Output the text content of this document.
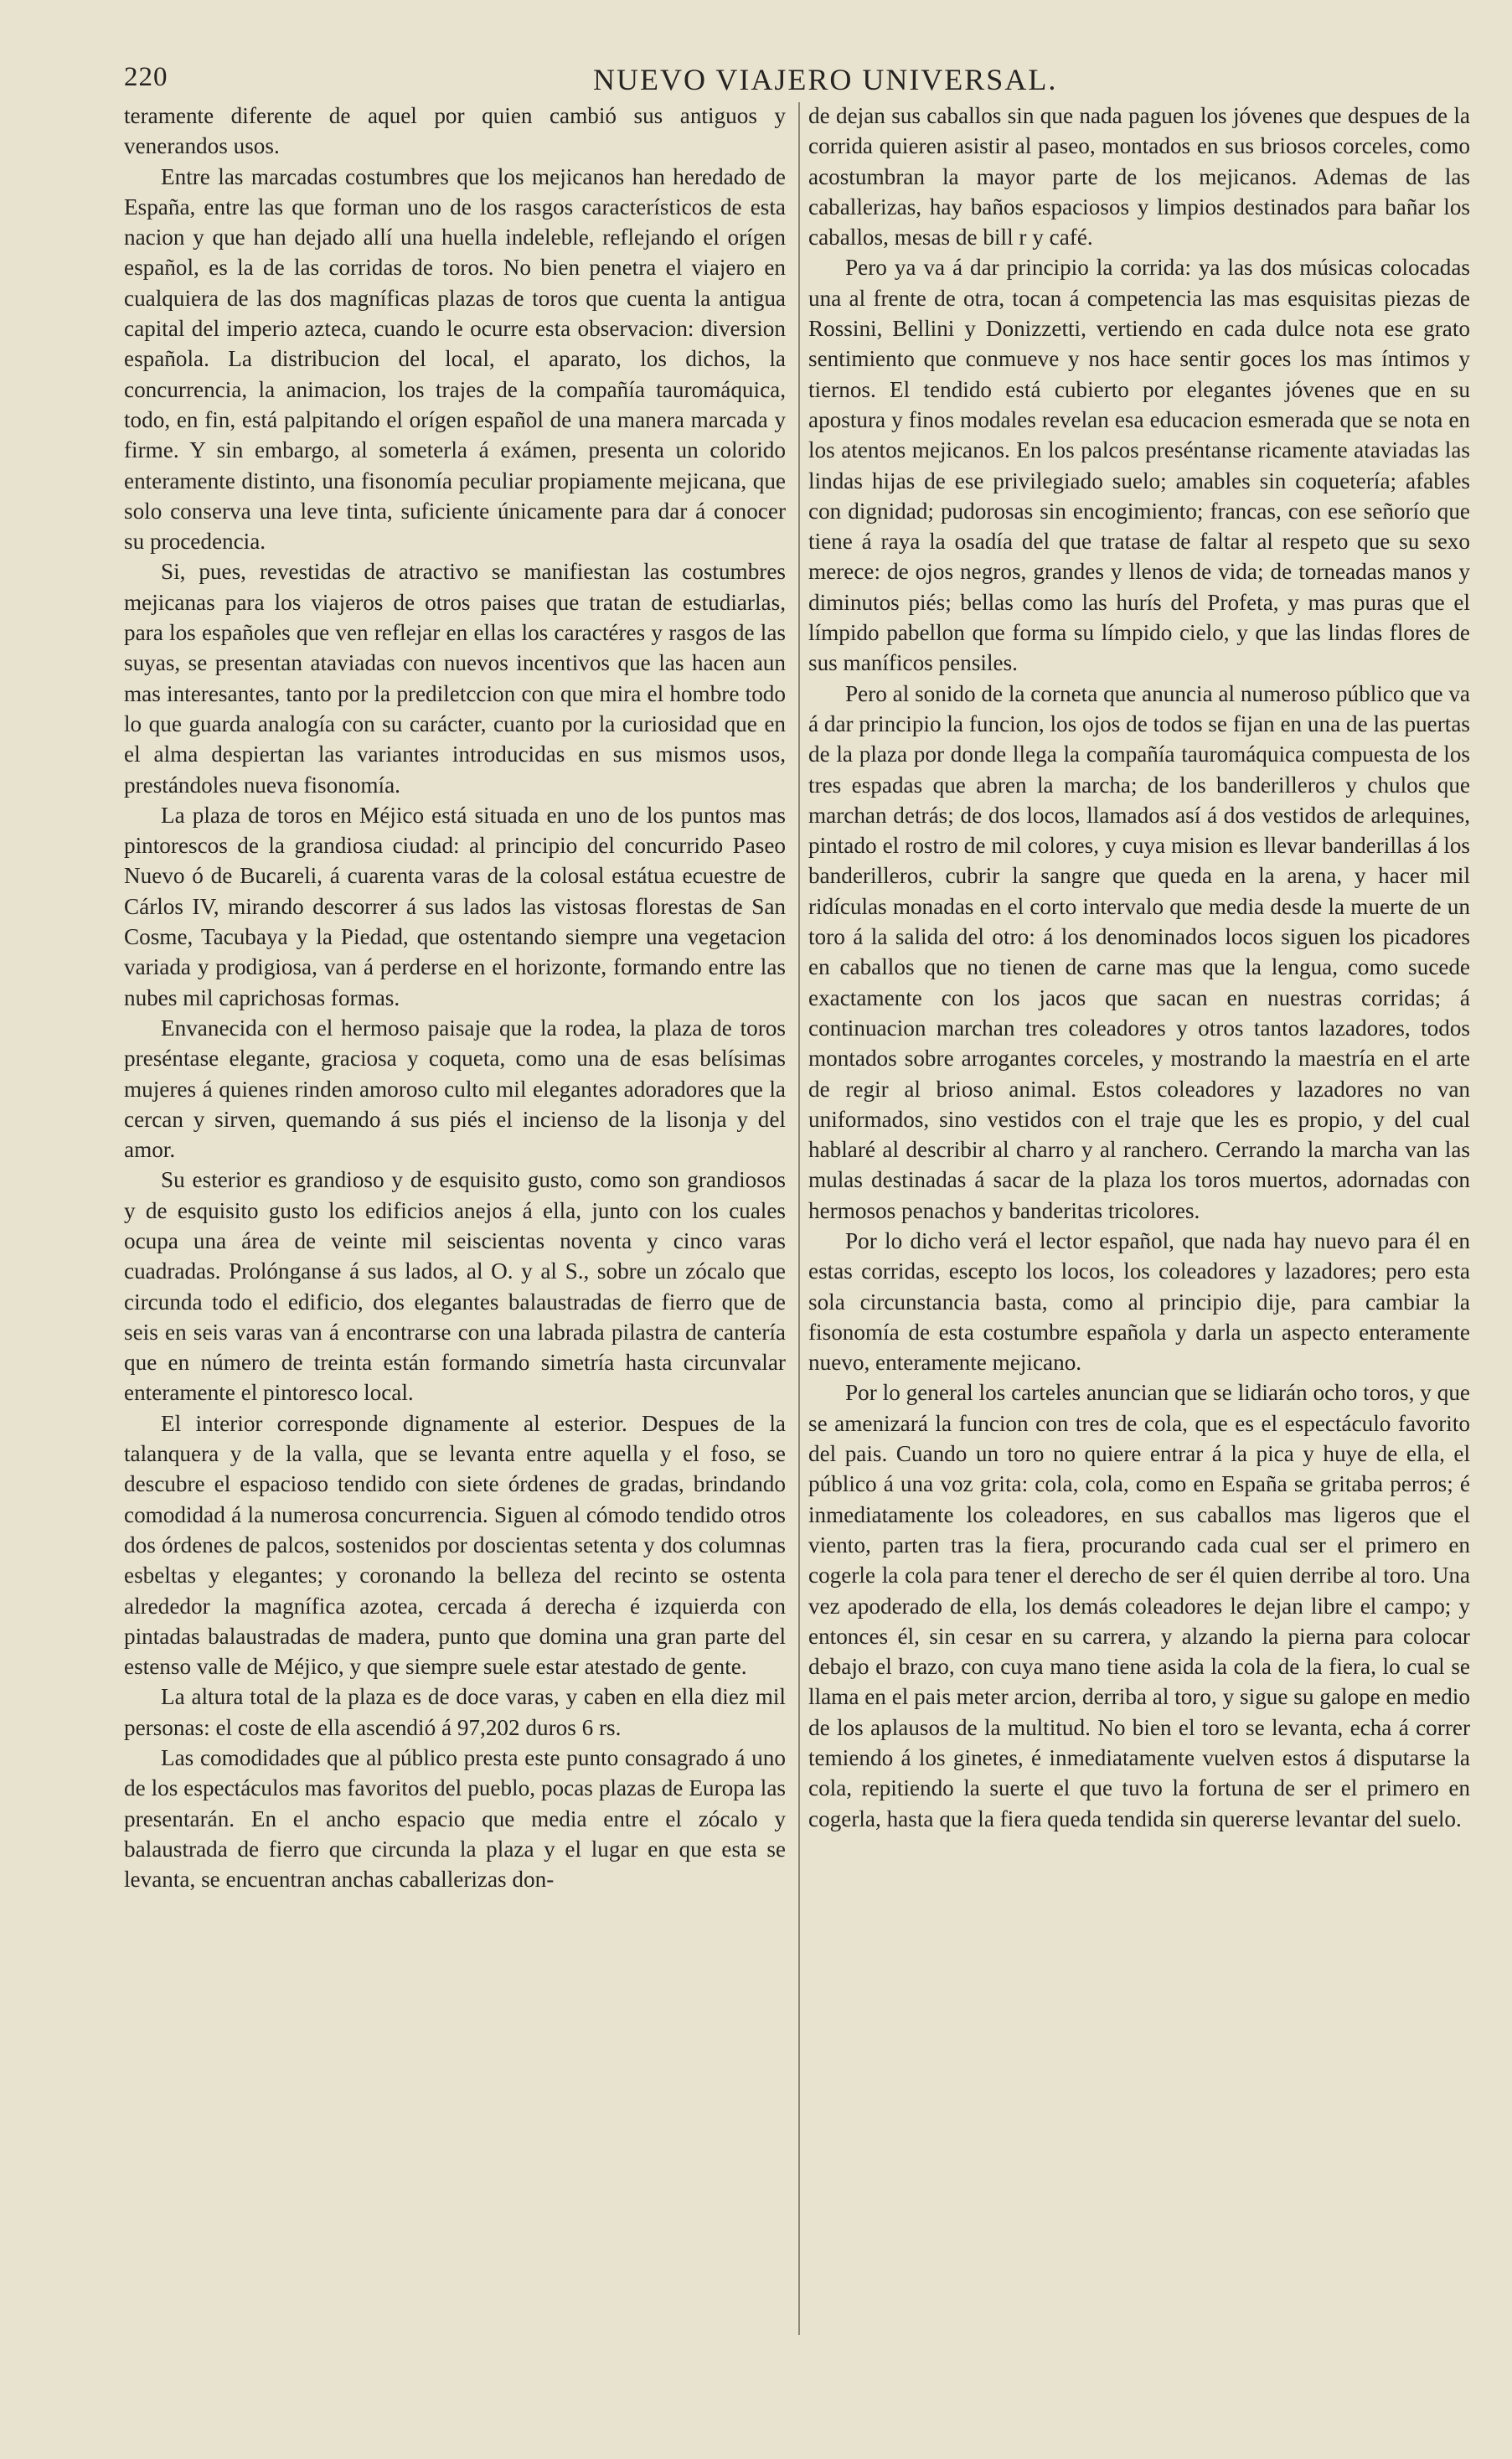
220	NUEVO VIAJERO UNIVERSAL.

teramente diferente de aquel por quien cambió sus antiguos y venerandos usos.

Entre las marcadas costumbres que los mejicanos han heredado de España, entre las que forman uno de los rasgos característicos de esta nacion y que han dejado allí una huella indeleble, reflejando el orígen español, es la de las corridas de toros. No bien penetra el viajero en cualquiera de las dos magníficas plazas de toros que cuenta la antigua capital del imperio azteca, cuando le ocurre esta observacion: diversion española. La distribucion del local, el aparato, los dichos, la concurrencia, la animacion, los trajes de la compañía tauromáquica, todo, en fin, está palpitando el orígen español de una manera marcada y firme. Y sin embargo, al someterla á exámen, presenta un colorido enteramente distinto, una fisonomía peculiar propiamente mejicana, que solo conserva una leve tinta, suficiente únicamente para dar á conocer su procedencia.

Si, pues, revestidas de atractivo se manifiestan las costumbres mejicanas para los viajeros de otros paises que tratan de estudiarlas, para los españoles que ven reflejar en ellas los caractéres y rasgos de las suyas, se presentan ataviadas con nuevos incentivos que las hacen aun mas interesantes, tanto por la prediletccion con que mira el hombre todo lo que guarda analogía con su carácter, cuanto por la curiosidad que en el alma despiertan las variantes introducidas en sus mismos usos, prestándoles nueva fisonomía.

La plaza de toros en Méjico está situada en uno de los puntos mas pintorescos de la grandiosa ciudad: al principio del concurrido Paseo Nuevo ó de Bucareli, á cuarenta varas de la colosal estátua ecuestre de Cárlos IV, mirando descorrer á sus lados las vistosas florestas de San Cosme, Tacubaya y la Piedad, que ostentando siempre una vegetacion variada y prodigiosa, van á perderse en el horizonte, formando entre las nubes mil caprichosas formas.

Envanecida con el hermoso paisaje que la rodea, la plaza de toros preséntase elegante, graciosa y coqueta, como una de esas belísimas mujeres á quienes rinden amoroso culto mil elegantes adoradores que la cercan y sirven, quemando á sus piés el incienso de la lisonja y del amor.

Su esterior es grandioso y de esquisito gusto, como son grandiosos y de esquisito gusto los edificios anejos á ella, junto con los cuales ocupa una área de veinte mil seiscientas noventa y cinco varas cuadradas. Prolónganse á sus lados, al O. y al S., sobre un zócalo que circunda todo el edificio, dos elegantes balaustradas de fierro que de seis en seis varas van á encontrarse con una labrada pilastra de cantería que en número de treinta están formando simetría hasta circunvalar enteramente el pintoresco local.

El interior corresponde dignamente al esterior. Despues de la talanquera y de la valla, que se levanta entre aquella y el foso, se descubre el espacioso tendido con siete órdenes de gradas, brindando comodidad á la numerosa concurrencia. Siguen al cómodo tendido otros dos órdenes de palcos, sostenidos por doscientas setenta y dos columnas esbeltas y elegantes; y coronando la belleza del recinto se ostenta alrededor la magnífica azotea, cercada á derecha é izquierda con pintadas balaustradas de madera, punto que domina una gran parte del estenso valle de Méjico, y que siempre suele estar atestado de gente.

La altura total de la plaza es de doce varas, y caben en ella diez mil personas: el coste de ella ascendió á 97,202 duros 6 rs.

Las comodidades que al público presta este punto consagrado á uno de los espectáculos mas favoritos del pueblo, pocas plazas de Europa las presentarán. En el ancho espacio que media entre el zócalo y balaustrada de fierro que circunda la plaza y el lugar en que esta se levanta, se encuentran anchas caballerizas don-

de dejan sus caballos sin que nada paguen los jóvenes que despues de la corrida quieren asistir al paseo, montados en sus briosos corceles, como acostumbran la mayor parte de los mejicanos. Ademas de las caballerizas, hay baños espaciosos y limpios destinados para bañar los caballos, mesas de bill r y café.

Pero ya va á dar principio la corrida: ya las dos músicas colocadas una al frente de otra, tocan á competencia las mas esquisitas piezas de Rossini, Bellini y Donizzetti, vertiendo en cada dulce nota ese grato sentimiento que conmueve y nos hace sentir goces los mas íntimos y tiernos. El tendido está cubierto por elegantes jóvenes que en su apostura y finos modales revelan esa educacion esmerada que se nota en los atentos mejicanos. En los palcos preséntanse ricamente ataviadas las lindas hijas de ese privilegiado suelo; amables sin coquetería; afables con dignidad; pudorosas sin encogimiento; francas, con ese señorío que tiene á raya la osadía del que tratase de faltar al respeto que su sexo merece: de ojos negros, grandes y llenos de vida; de torneadas manos y diminutos piés; bellas como las hurís del Profeta, y mas puras que el límpido pabellon que forma su límpido cielo, y que las lindas flores de sus maníficos pensiles.

Pero al sonido de la corneta que anuncia al numeroso público que va á dar principio la funcion, los ojos de todos se fijan en una de las puertas de la plaza por donde llega la compañía tauromáquica compuesta de los tres espadas que abren la marcha; de los banderilleros y chulos que marchan detrás; de dos locos, llamados así á dos vestidos de arlequines, pintado el rostro de mil colores, y cuya mision es llevar banderillas á los banderilleros, cubrir la sangre que queda en la arena, y hacer mil ridículas monadas en el corto intervalo que media desde la muerte de un toro á la salida del otro: á los denominados locos siguen los picadores en caballos que no tienen de carne mas que la lengua, como sucede exactamente con los jacos que sacan en nuestras corridas; á continuacion marchan tres coleadores y otros tantos lazadores, todos montados sobre arrogantes corceles, y mostrando la maestría en el arte de regir al brioso animal. Estos coleadores y lazadores no van uniformados, sino vestidos con el traje que les es propio, y del cual hablaré al describir al charro y al ranchero. Cerrando la marcha van las mulas destinadas á sacar de la plaza los toros muertos, adornadas con hermosos penachos y banderitas tricolores.

Por lo dicho verá el lector español, que nada hay nuevo para él en estas corridas, escepto los locos, los coleadores y lazadores; pero esta sola circunstancia basta, como al principio dije, para cambiar la fisonomía de esta costumbre española y darla un aspecto enteramente nuevo, enteramente mejicano.

Por lo general los carteles anuncian que se lidiarán ocho toros, y que se amenizará la funcion con tres de cola, que es el espectáculo favorito del pais. Cuando un toro no quiere entrar á la pica y huye de ella, el público á una voz grita: cola, cola, como en España se gritaba perros; é inmediatamente los coleadores, en sus caballos mas ligeros que el viento, parten tras la fiera, procurando cada cual ser el primero en cogerle la cola para tener el derecho de ser él quien derribe al toro. Una vez apoderado de ella, los demás coleadores le dejan libre el campo; y entonces él, sin cesar en su carrera, y alzando la pierna para colocar debajo el brazo, con cuya mano tiene asida la cola de la fiera, lo cual se llama en el pais meter arcion, derriba al toro, y sigue su galope en medio de los aplausos de la multitud. No bien el toro se levanta, echa á correr temiendo á los ginetes, é inmediatamente vuelven estos á disputarse la cola, repitiendo la suerte el que tuvo la fortuna de ser el primero en cogerla, hasta que la fiera queda tendida sin quererse levantar del suelo.
